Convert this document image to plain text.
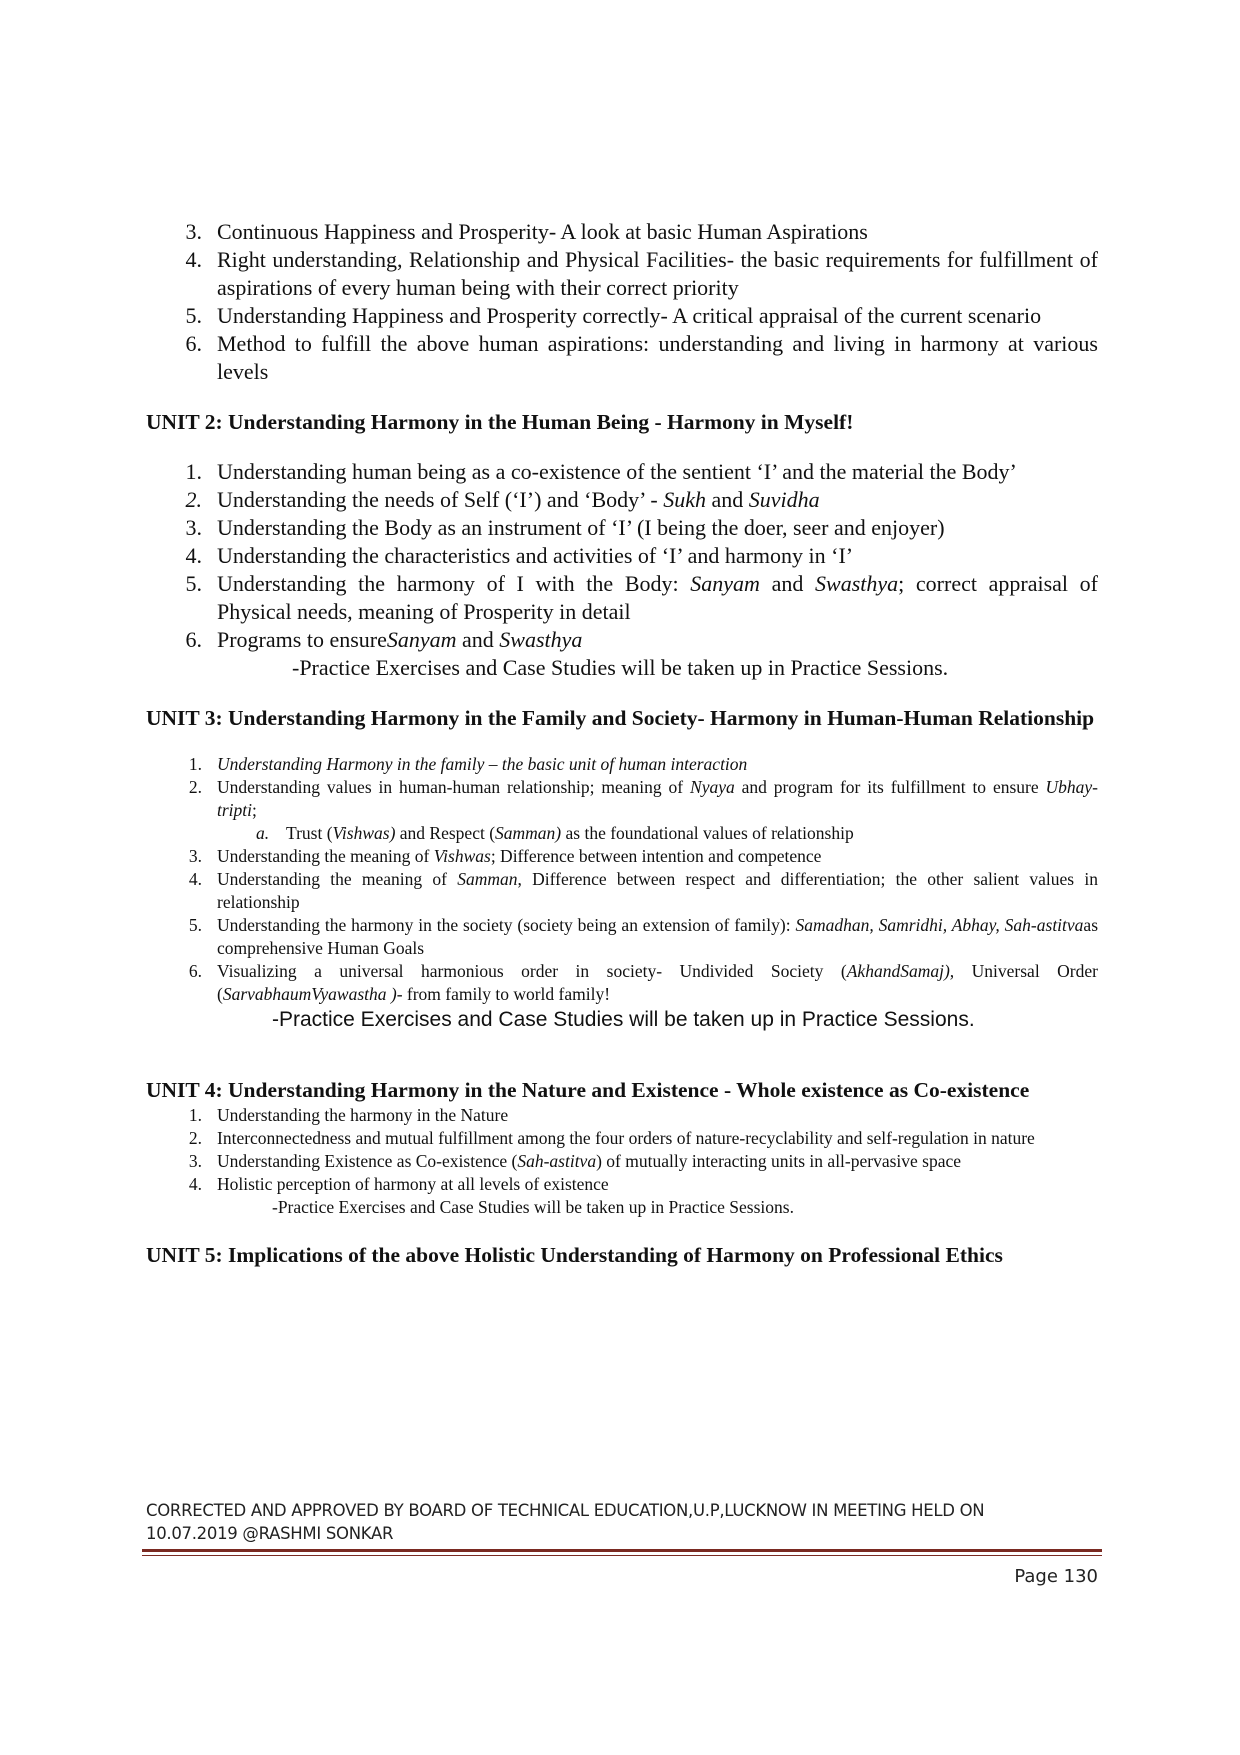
3. Continuous Happiness and Prosperity- A look at basic Human Aspirations
4. Right understanding, Relationship and Physical Facilities- the basic requirements for fulfillment of aspirations of every human being with their correct priority
5. Understanding Happiness and Prosperity correctly- A critical appraisal of the current scenario
6. Method to fulfill the above human aspirations: understanding and living in harmony at various levels
UNIT 2: Understanding Harmony in the Human Being - Harmony in Myself!
1. Understanding human being as a co-existence of the sentient ‘I’ and the material the Body’
2. Understanding the needs of Self (‘I’) and ‘Body’ - Sukh and Suvidha
3. Understanding the Body as an instrument of ‘I’ (I being the doer, seer and enjoyer)
4. Understanding the characteristics and activities of ‘I’ and harmony in ‘I’
5. Understanding the harmony of I with the Body: Sanyam and Swasthya; correct appraisal of Physical needs, meaning of Prosperity in detail
6. Programs to ensureSanyam and Swasthya
-Practice Exercises and Case Studies will be taken up in Practice Sessions.
UNIT 3: Understanding Harmony in the Family and Society- Harmony in Human-Human Relationship
1. Understanding Harmony in the family – the basic unit of human interaction
2. Understanding values in human-human relationship; meaning of Nyaya and program for its fulfillment to ensure Ubhay-tripti;
a. Trust (Vishwas) and Respect (Samman) as the foundational values of relationship
3. Understanding the meaning of Vishwas; Difference between intention and competence
4. Understanding the meaning of Samman, Difference between respect and differentiation; the other salient values in relationship
5. Understanding the harmony in the society (society being an extension of family): Samadhan, Samridhi, Abhay, Sah-astitvaas comprehensive Human Goals
6. Visualizing a universal harmonious order in society- Undivided Society (AkhandSamaj), Universal Order (SarvabhaumVyawastha )- from family to world family!
-Practice Exercises and Case Studies will be taken up in Practice Sessions.
UNIT 4: Understanding Harmony in the Nature and Existence - Whole existence as Co-existence
1. Understanding the harmony in the Nature
2. Interconnectedness and mutual fulfillment among the four orders of nature-recyclability and self-regulation in nature
3. Understanding Existence as Co-existence (Sah-astitva) of mutually interacting units in all-pervasive space
4. Holistic perception of harmony at all levels of existence
-Practice Exercises and Case Studies will be taken up in Practice Sessions.
UNIT 5: Implications of the above Holistic Understanding of Harmony on Professional Ethics
CORRECTED AND APPROVED BY BOARD OF TECHNICAL EDUCATION,U.P,LUCKNOW IN MEETING HELD ON
10.07.2019 @RASHMI SONKAR
Page 130
